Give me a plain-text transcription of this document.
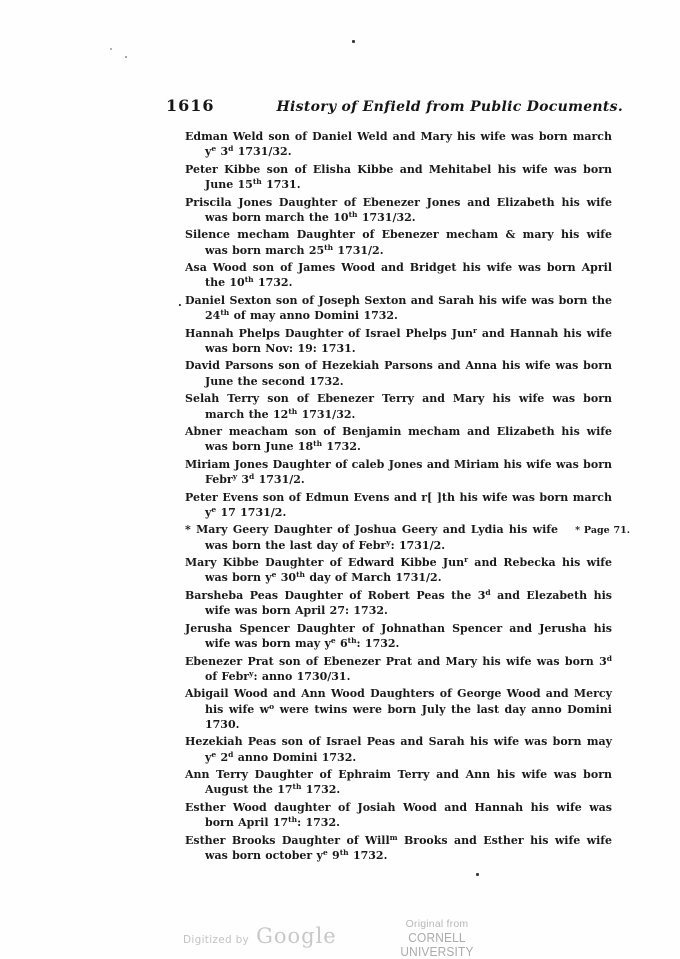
1616	History of Enfield from Public Documents.
Edman Weld son of Daniel Weld and Mary his wife was born march $y^e$ 3$^d$ 1731/32.
Peter Kibbe son of Elisha Kibbe and Mehitabel his wife was born June 15th 1731.
Priscila Jones Daughter of Ebenezer Jones and Elizabeth his wife was born march the 10th 1731/32.
Silence mecham Daughter of Ebenezer mecham & mary his wife was born march 25th 1731/2.
Asa Wood son of James Wood and Bridget his wife was born April the 10th 1732.
Daniel Sexton son of Joseph Sexton and Sarah his wife was born the 24th of may anno Domini 1732.
.
Hannah Phelps Daughter of Israel Phelps Jun$^r$ and Hannah his wife was born Nov: 19: 1731.
David Parsons son of Hezekiah Parsons and Anna his wife was born June the second 1732.
Selah Terry son of Ebenezer Terry and Mary his wife was born march the 12th 1731/32.
Abner meacham son of Benjamin mecham and Elizabeth his wife was born June 18th 1732.
Miriam Jones Daughter of caleb Jones and Miriam his wife was born Febr$^y$ 3$^d$ 1731/2.
Peter Evens son of Edmun Evens and r[ ]th his wife was born march $y^e$ 17 1731/2.
* Mary Geery Daughter of Joshua Geery and Lydia his wife was born the last day of Febr$^y$: 1731/2.
* Page 71.
Mary Kibbe Daughter of Edward Kibbe Jun$^r$ and Rebecka his wife was born $y^e$ 30th day of March 1731/2.
Barsheba Peas Daughter of Robert Peas the 3$^d$ and Elezabeth his wife was born April 27: 1732.
Jerusha Spencer Daughter of Johnathan Spencer and Jerusha his wife was born may $y^e$ 6th: 1732.
Ebenezer Prat son of Ebenezer Prat and Mary his wife was born 3$^d$ of Febr$^y$: anno 1730/31.
Abigail Wood and Ann Wood Daughters of George Wood and Mercy his wife $w^o$ were twins were born July the last day anno Domini 1730.
Hezekiah Peas son of Israel Peas and Sarah his wife was born may $y^e$ 2$^d$ anno Domini 1732.
Ann Terry Daughter of Ephraim Terry and Ann his wife was born August the 17th 1732.
Esther Wood daughter of Josiah Wood and Hannah his wife was born April 17th: 1732.
Esther Brooks Daughter of Will$^m$ Brooks and Esther his wife wife was born october $y^e$ 9th 1732.
Digitized by Google	Original from
CORNELL UNIVERSITY
